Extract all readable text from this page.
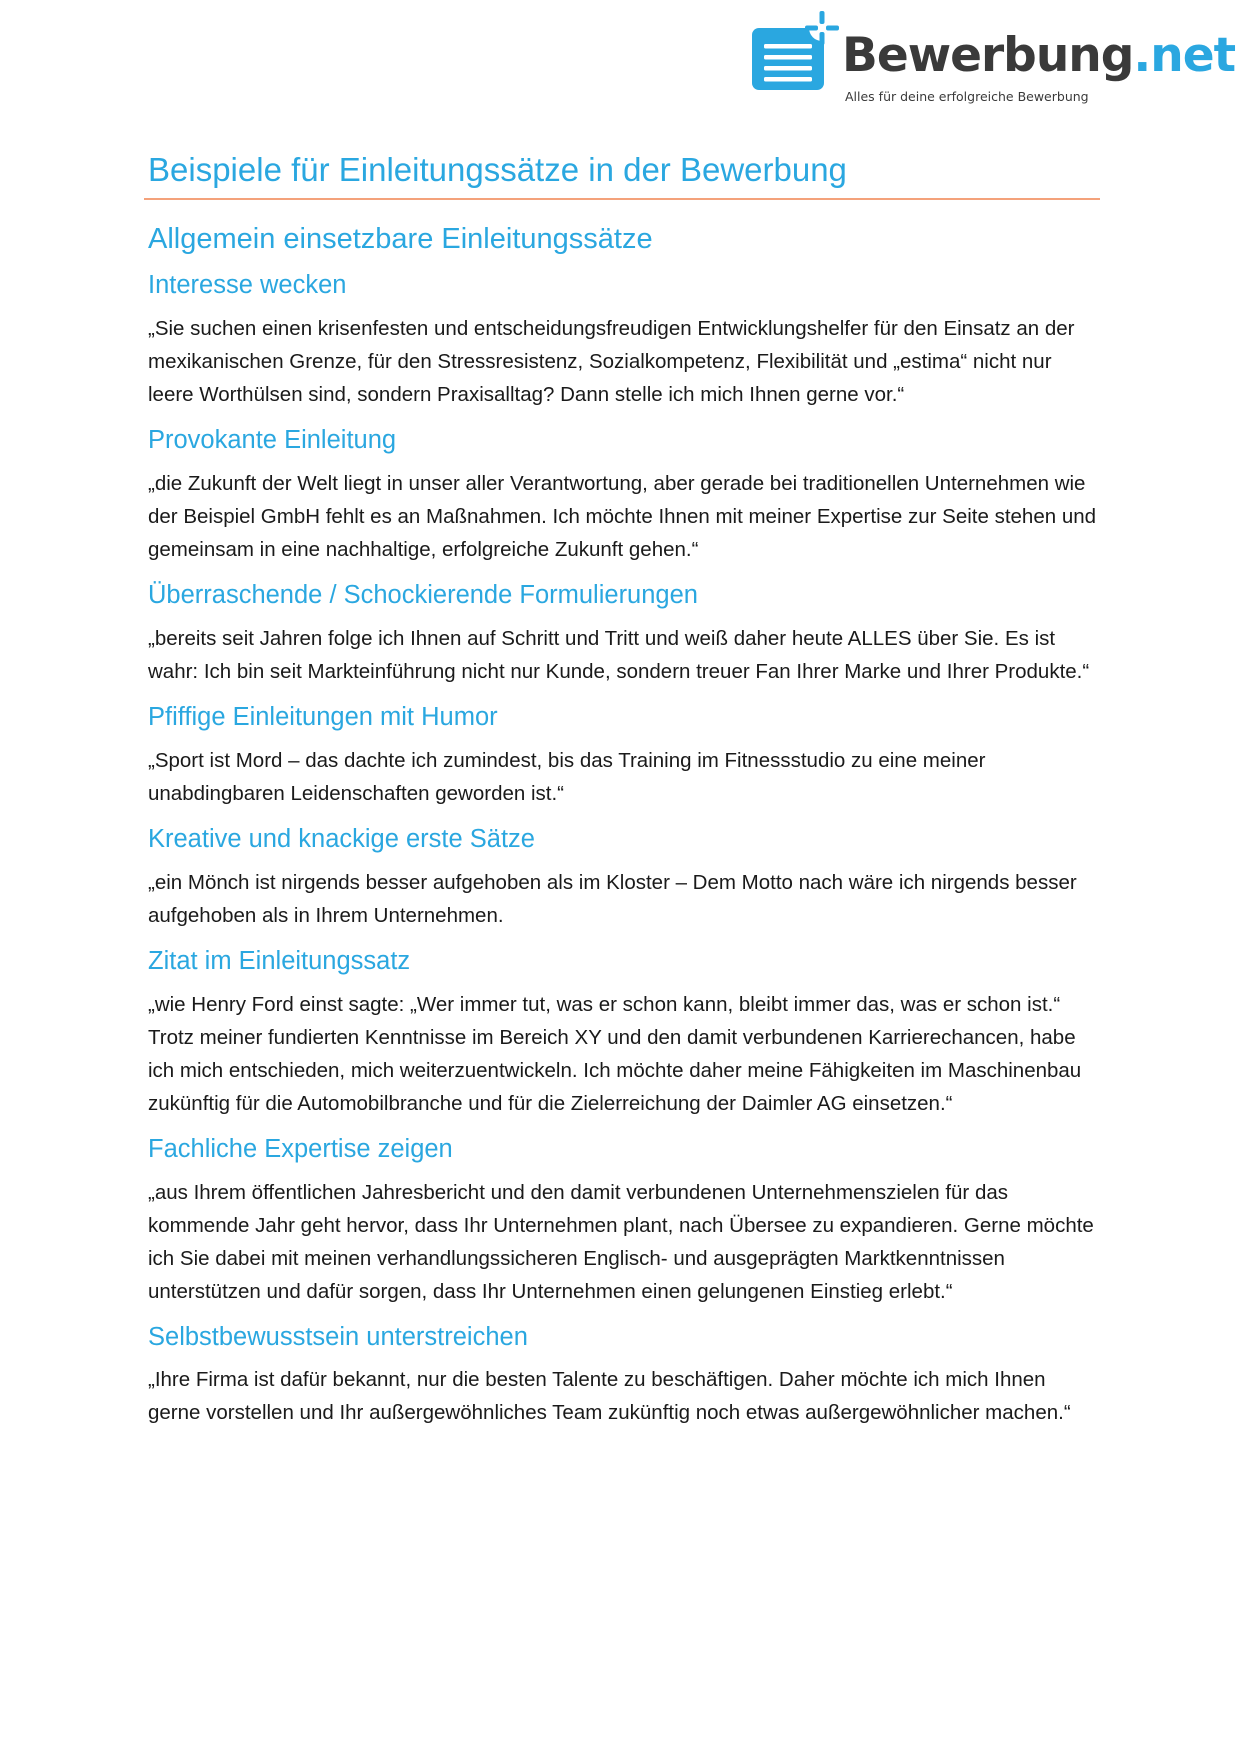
Bewerbung.net
Alles für deine erfolgreiche Bewerbung
Beispiele für Einleitungssätze in der Bewerbung
Allgemein einsetzbare Einleitungssätze
Interesse wecken

„Sie suchen einen krisenfesten und entscheidungsfreudigen Entwicklungshelfer für den Einsatz an der mexikanischen Grenze, für den Stressresistenz, Sozialkompetenz, Flexibilität und „estima“ nicht nur leere Worthülsen sind, sondern Praxisalltag? Dann stelle ich mich Ihnen gerne vor.“

Provokante Einleitung

„die Zukunft der Welt liegt in unser aller Verantwortung, aber gerade bei traditionellen Unternehmen wie der Beispiel GmbH fehlt es an Maßnahmen. Ich möchte Ihnen mit meiner Expertise zur Seite stehen und gemeinsam in eine nachhaltige, erfolgreiche Zukunft gehen.“

Überraschende / Schockierende Formulierungen

„bereits seit Jahren folge ich Ihnen auf Schritt und Tritt und weiß daher heute ALLES über Sie. Es ist wahr: Ich bin seit Markteinführung nicht nur Kunde, sondern treuer Fan Ihrer Marke und Ihrer Produkte.“

Pfiffige Einleitungen mit Humor

„Sport ist Mord – das dachte ich zumindest, bis das Training im Fitnessstudio zu eine meiner unabdingbaren Leidenschaften geworden ist.“

Kreative und knackige erste Sätze

„ein Mönch ist nirgends besser aufgehoben als im Kloster – Dem Motto nach wäre ich nirgends besser aufgehoben als in Ihrem Unternehmen.

Zitat im Einleitungssatz

„wie Henry Ford einst sagte: „Wer immer tut, was er schon kann, bleibt immer das, was er schon ist.“ Trotz meiner fundierten Kenntnisse im Bereich XY und den damit verbundenen Karrierechancen, habe ich mich entschieden, mich weiterzuentwickeln. Ich möchte daher meine Fähigkeiten im Maschinenbau zukünftig für die Automobilbranche und für die Zielerreichung der Daimler AG einsetzen.“

Fachliche Expertise zeigen

„aus Ihrem öffentlichen Jahresbericht und den damit verbundenen Unternehmenszielen für das kommende Jahr geht hervor, dass Ihr Unternehmen plant, nach Übersee zu expandieren. Gerne möchte ich Sie dabei mit meinen verhandlungssicheren Englisch- und ausgeprägten Marktkenntnissen unterstützen und dafür sorgen, dass Ihr Unternehmen einen gelungenen Einstieg erlebt.“

Selbstbewusstsein unterstreichen

„Ihre Firma ist dafür bekannt, nur die besten Talente zu beschäftigen. Daher möchte ich mich Ihnen gerne vorstellen und Ihr außergewöhnliches Team zukünftig noch etwas außergewöhnlicher machen.“
